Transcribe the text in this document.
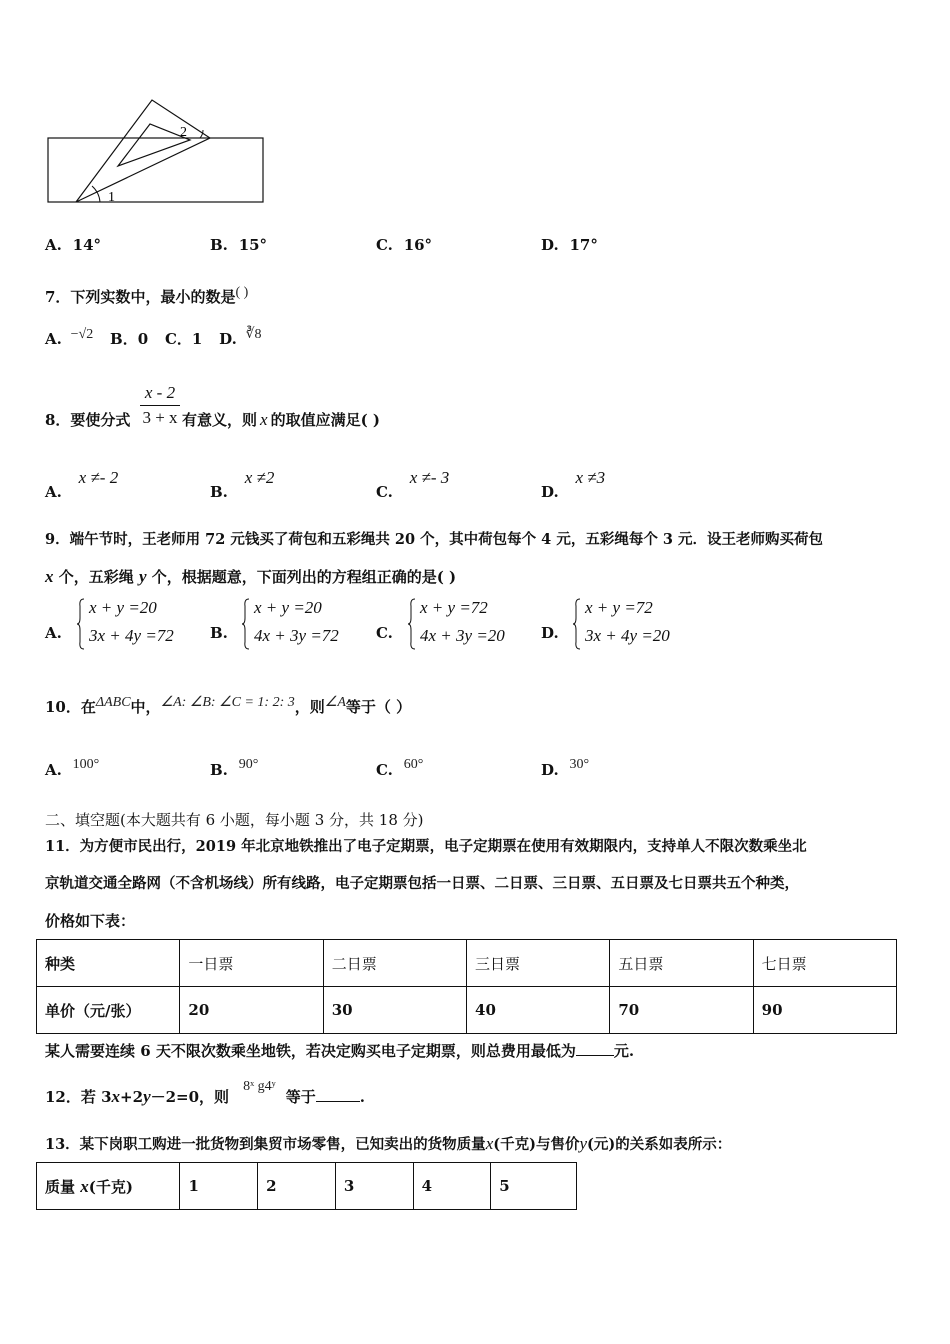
2
1
A. 14°	B. 15°	C. 16°	D. 17°
7．下列实数中，最小的数是( )
A. −√2 B．0 C．1 D. ∛8
x - 2
3 + x
8．要使分式	有意义，则 x 的取值应满足( )
A. x ≠- 2
B. x ≠2
C. x ≠- 3
D. x ≠3
9．端午节时，王老师用 72 元钱买了荷包和五彩绳共 20 个，其中荷包每个 4 元，五彩绳每个 3 元．设王老师购买荷包
x 个，五彩绳 y 个，根据题意，下面列出的方程组正确的是( )
A.
x + y =20
3x + 4y =72 B.
x + y =20
4x + 3y =72 C.
x + y =72
4x + 3y =20 D.
x + y =72
3x + 4y =20
10．在ΔABC中，∠A: ∠B: ∠C = 1: 2: 3，则∠A等于（ ）
A. 100°	B. 90°	C. 60°	D. 30°
二、填空题(本大题共有 6 小题，每小题 3 分，共 18 分)
11．为方便市民出行，2019 年北京地铁推出了电子定期票，电子定期票在使用有效期限内，支持单人不限次数乘坐北
京轨道交通全路网（不含机场线）所有线路，电子定期票包括一日票、二日票、三日票、五日票及七日票共五个种类，
价格如下表：
种类	一日票	二日票	三日票	五日票	七日票
单价（元/张）	20	30	40	70	90
某人需要连续 6 天不限次数乘坐地铁，若决定购买电子定期票，则总费用最低为	元.
12．若 3x+2y－2=0，则8ˣ g4ʸ等于	.
13．某下岗职工购进一批货物到集贸市场零售，已知卖出的货物质量x(千克)与售价y(元)的关系如表所示：
质量 x(千克)	1	2	3	4	5
